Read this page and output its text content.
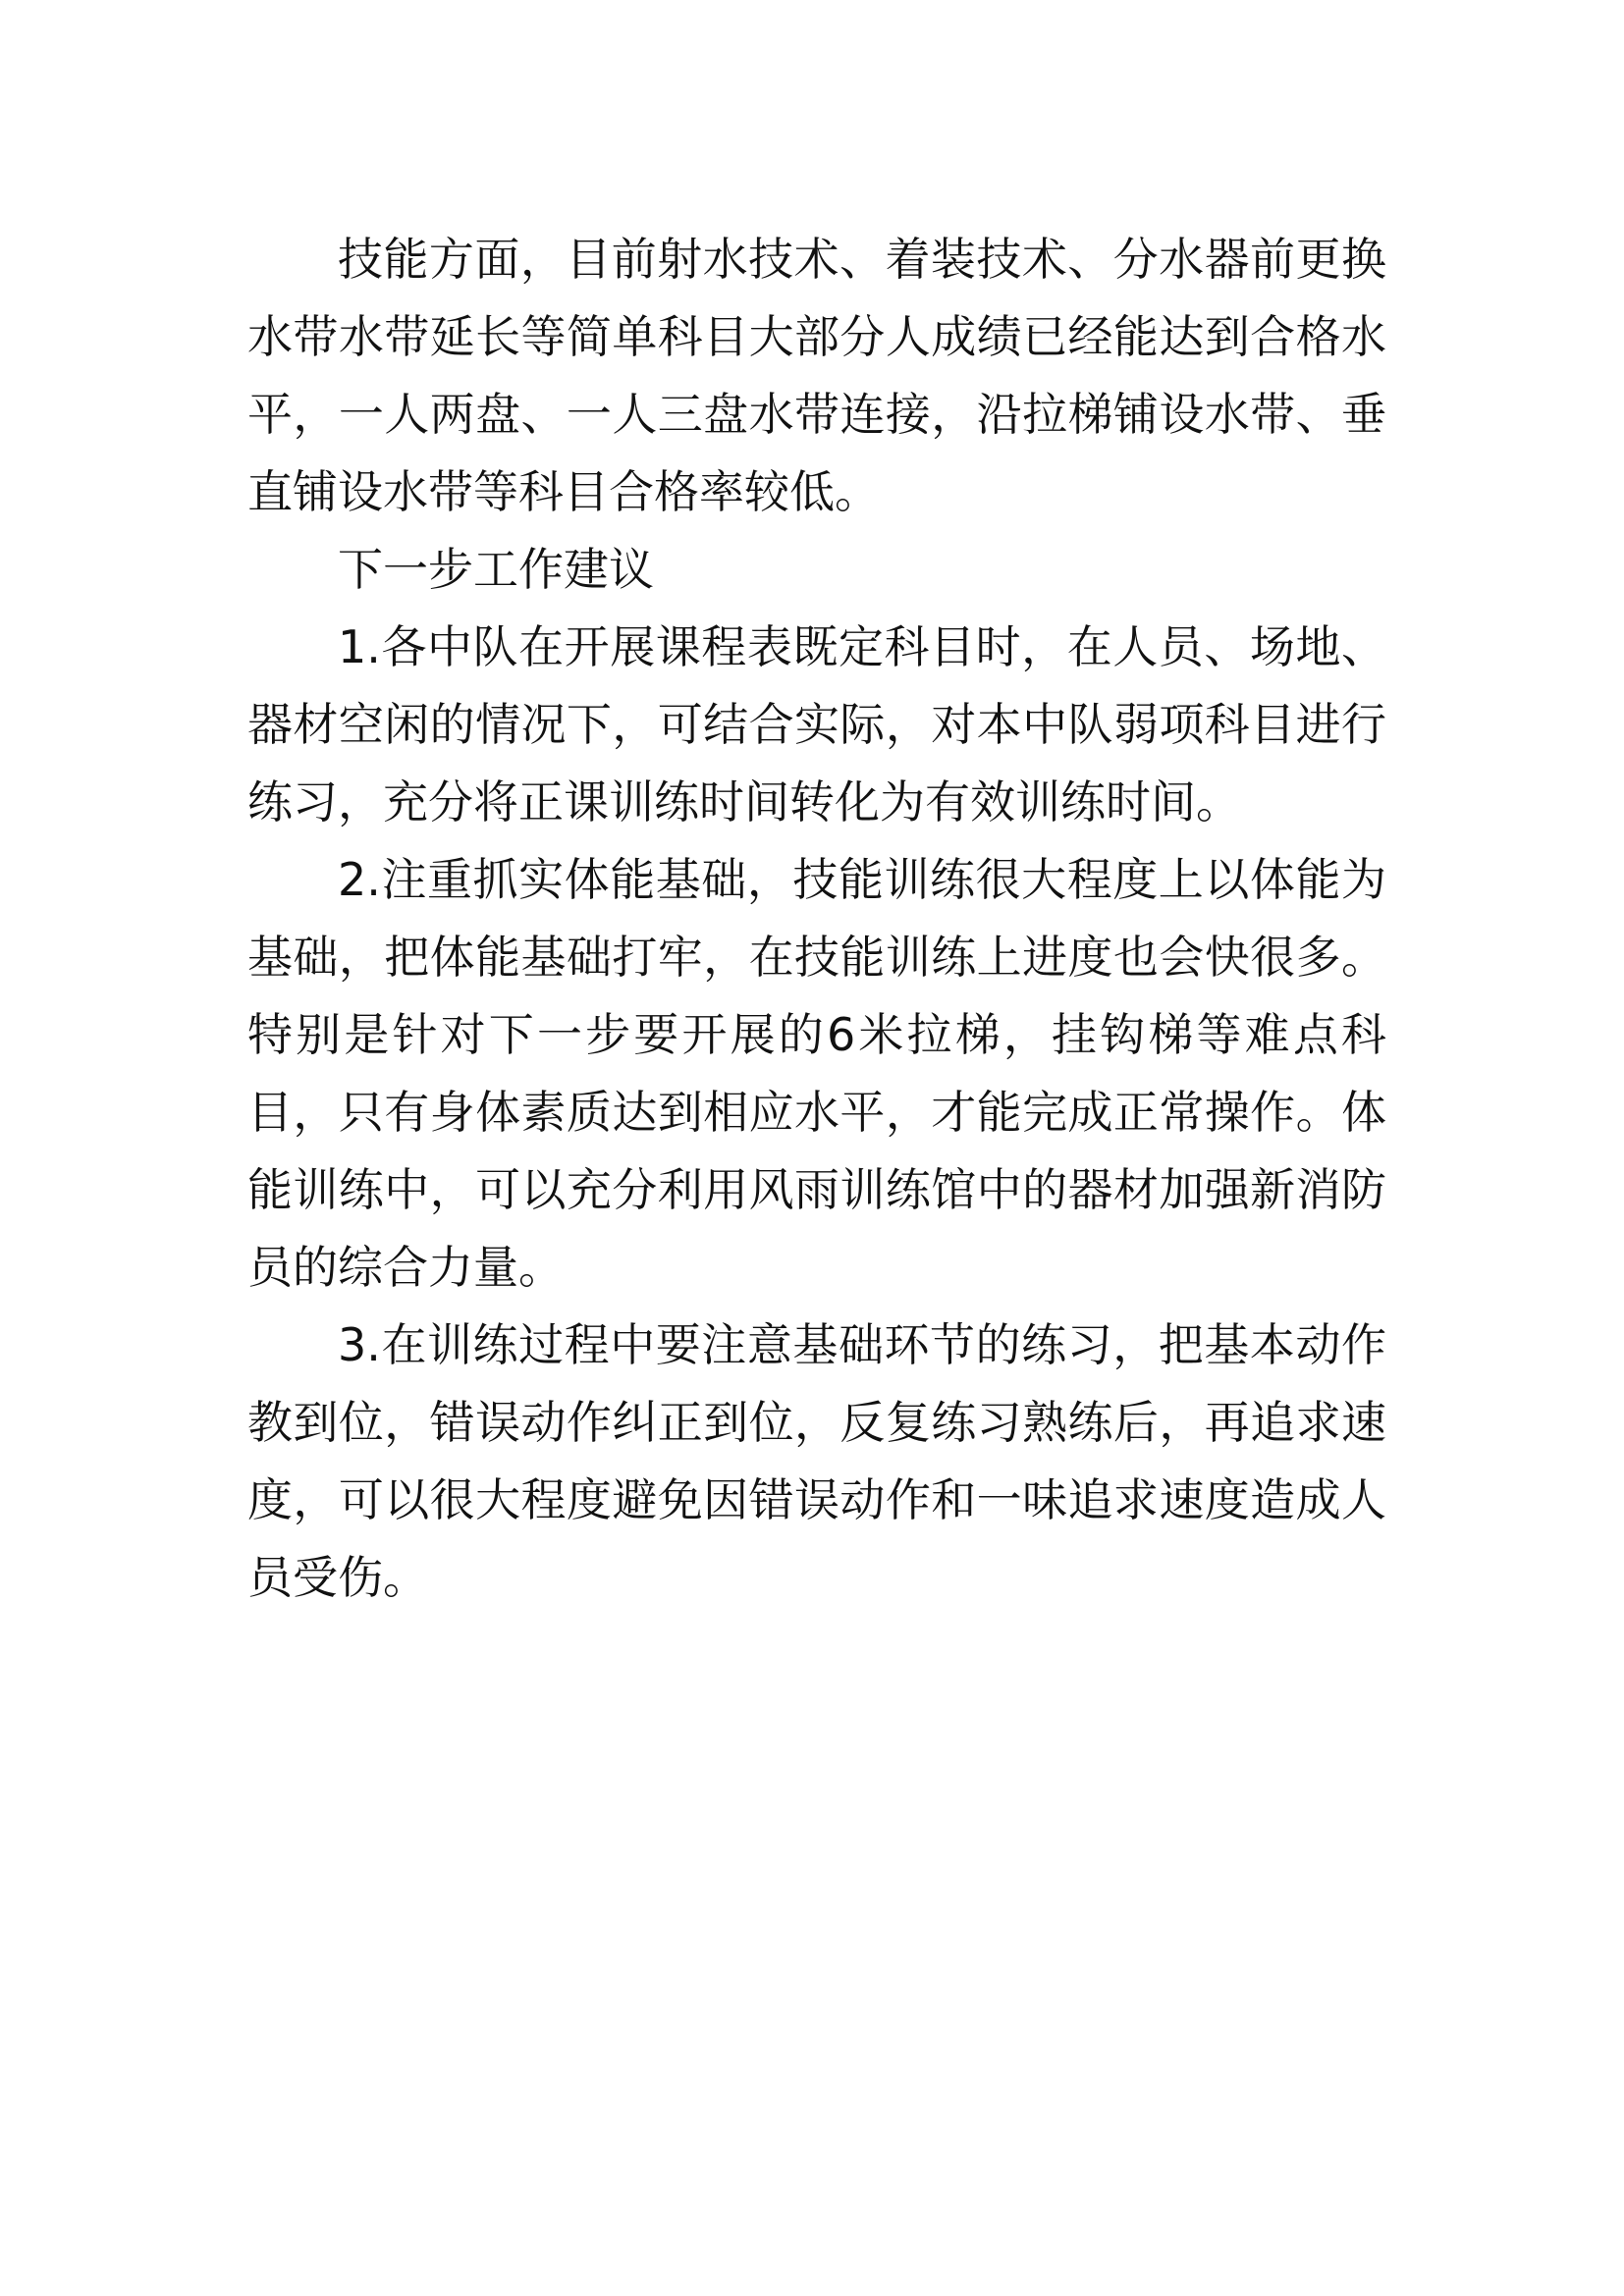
技能方面，目前射水技术、着装技术、分水器前更换水带水带延长等简单科目大部分人成绩已经能达到合格水平，一人两盘、一人三盘水带连接，沿拉梯铺设水带、垂直铺设水带等科目合格率较低。

下一步工作建议

1.各中队在开展课程表既定科目时，在人员、场地、器材空闲的情况下，可结合实际，对本中队弱项科目进行练习，充分将正课训练时间转化为有效训练时间。

2.注重抓实体能基础，技能训练很大程度上以体能为基础，把体能基础打牢，在技能训练上进度也会快很多。特别是针对下一步要开展的6米拉梯，挂钩梯等难点科目，只有身体素质达到相应水平，才能完成正常操作。体能训练中，可以充分利用风雨训练馆中的器材加强新消防员的综合力量。

3.在训练过程中要注意基础环节的练习，把基本动作教到位，错误动作纠正到位，反复练习熟练后，再追求速度，可以很大程度避免因错误动作和一味追求速度造成人员受伤。
